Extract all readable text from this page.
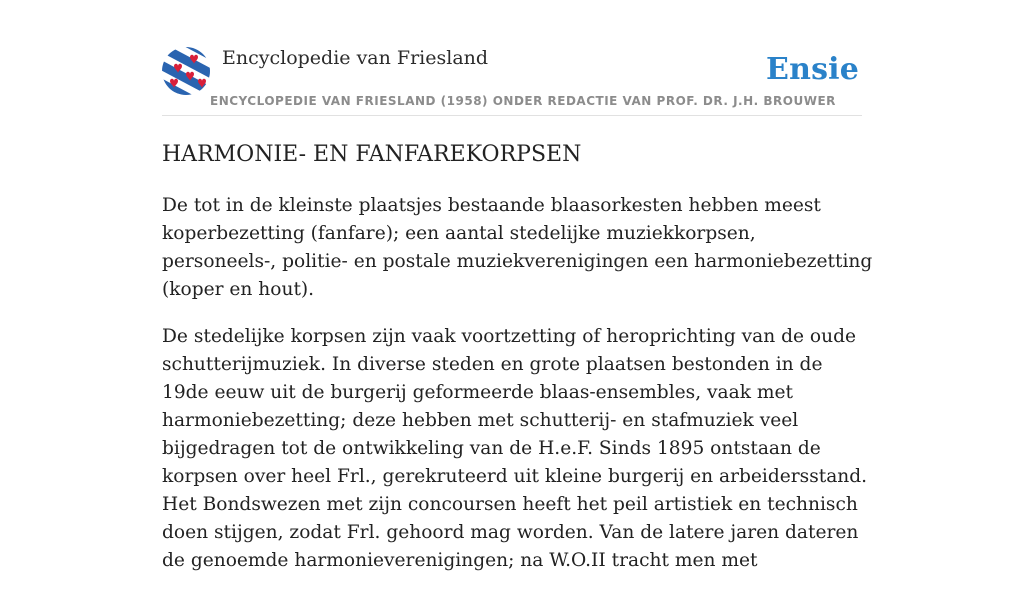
Encyclopedie van Friesland	Ensie
ENCYCLOPEDIE VAN FRIESLAND (1958) ONDER REDACTIE VAN PROF. DR. J.H. BROUWER
HARMONIE- EN FANFAREKORPSEN

De tot in de kleinste plaatsjes bestaande blaasorkesten hebben meest koperbezetting (fanfare); een aantal stedelijke muziekkorpsen, personeels-, politie- en postale muziekverenigingen een harmoniebezetting (koper en hout).

De stedelijke korpsen zijn vaak voortzetting of heroprichting van de oude schutterijmuziek. In diverse steden en grote plaatsen bestonden in de 19de eeuw uit de burgerij geformeerde blaas-ensembles, vaak met harmoniebezetting; deze hebben met schutterij- en stafmuziek veel bijgedragen tot de ontwikkeling van de H.e.F. Sinds 1895 ontstaan de korpsen over heel Frl., gerekruteerd uit kleine burgerij en arbeidersstand. Het Bondswezen met zijn concoursen heeft het peil artistiek en technisch doen stijgen, zodat Frl. gehoord mag worden. Van de latere jaren dateren de genoemde harmonieverenigingen; na W.O.II tracht men met
